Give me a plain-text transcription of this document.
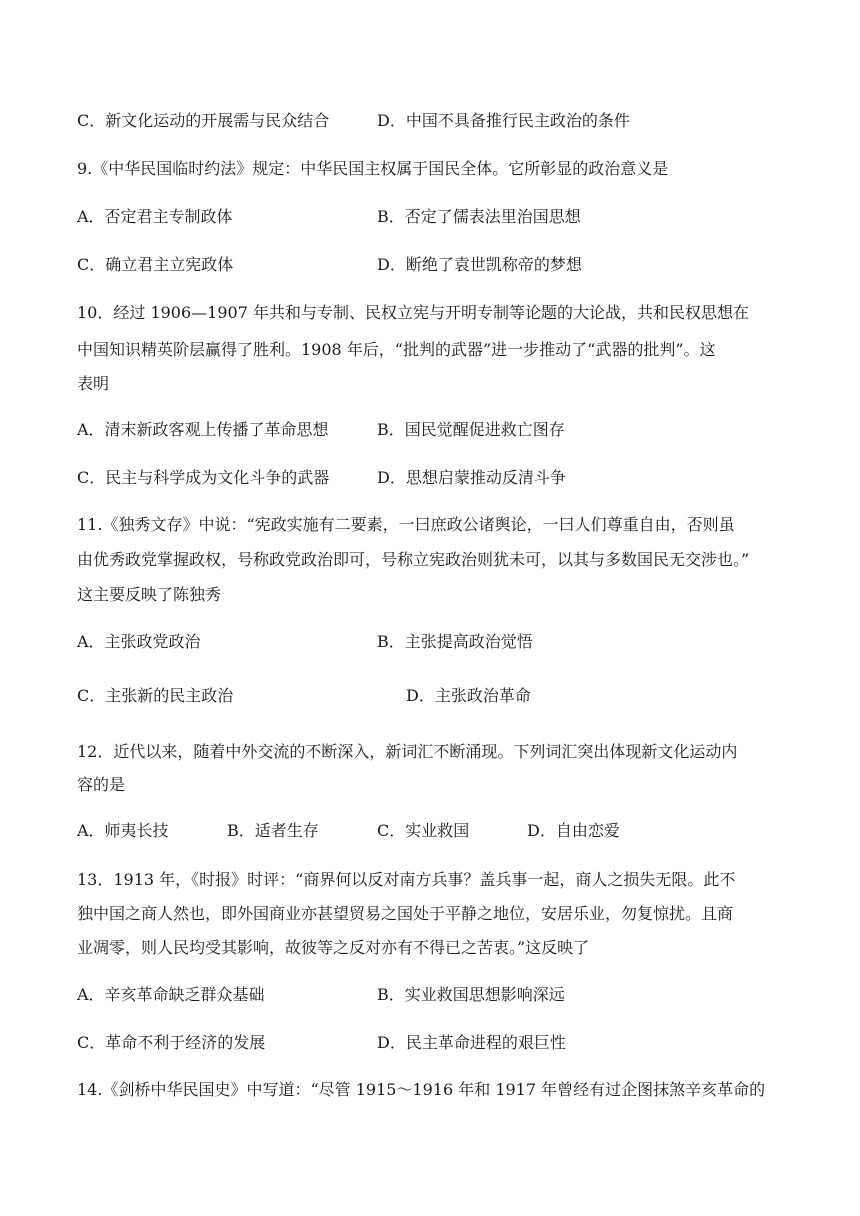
C．新文化运动的开展需与民众结合	D．中国不具备推行民主政治的条件
9.《中华民国临时约法》规定：中华民国主权属于国民全体。它所彰显的政治意义是
A．否定君主专制政体	B．否定了儒表法里治国思想
C．确立君主立宪政体	D．断绝了袁世凯称帝的梦想
10．经过 1906—1907 年共和与专制、民权立宪与开明专制等论题的大论战，共和民权思想在
中国知识精英阶层赢得了胜利。1908 年后，“批判的武器”进一步推动了“武器的批判”。这
表明
A．清末新政客观上传播了革命思想	B．国民觉醒促进救亡图存
C．民主与科学成为文化斗争的武器	D．思想启蒙推动反清斗争
11.《独秀文存》中说：“宪政实施有二要素，一曰庶政公诸舆论，一曰人们尊重自由，否则虽
由优秀政党掌握政权，号称政党政治即可，号称立宪政治则犹未可，以其与多数国民无交涉也。”
这主要反映了陈独秀
A．主张政党政治	B．主张提高政治觉悟
C．主张新的民主政治	D．主张政治革命
12．近代以来，随着中外交流的不断深入，新词汇不断涌现。下列词汇突出体现新文化运动内
容的是
A．师夷长技	B．适者生存	C．实业救国	D．自由恋爱
13．1913 年，《时报》时评：“商界何以反对南方兵事？盖兵事一起，商人之损失无限。此不
独中国之商人然也，即外国商业亦甚望贸易之国处于平静之地位，安居乐业，勿复惊扰。且商
业凋零，则人民均受其影响，故彼等之反对亦有不得已之苦衷。”这反映了
A．辛亥革命缺乏群众基础	B．实业救国思想影响深远
C．革命不利于经济的发展	D．民主革命进程的艰巨性
14.《剑桥中华民国史》中写道：“尽管 1915～1916 年和 1917 年曾经有过企图抹煞辛亥革命的
